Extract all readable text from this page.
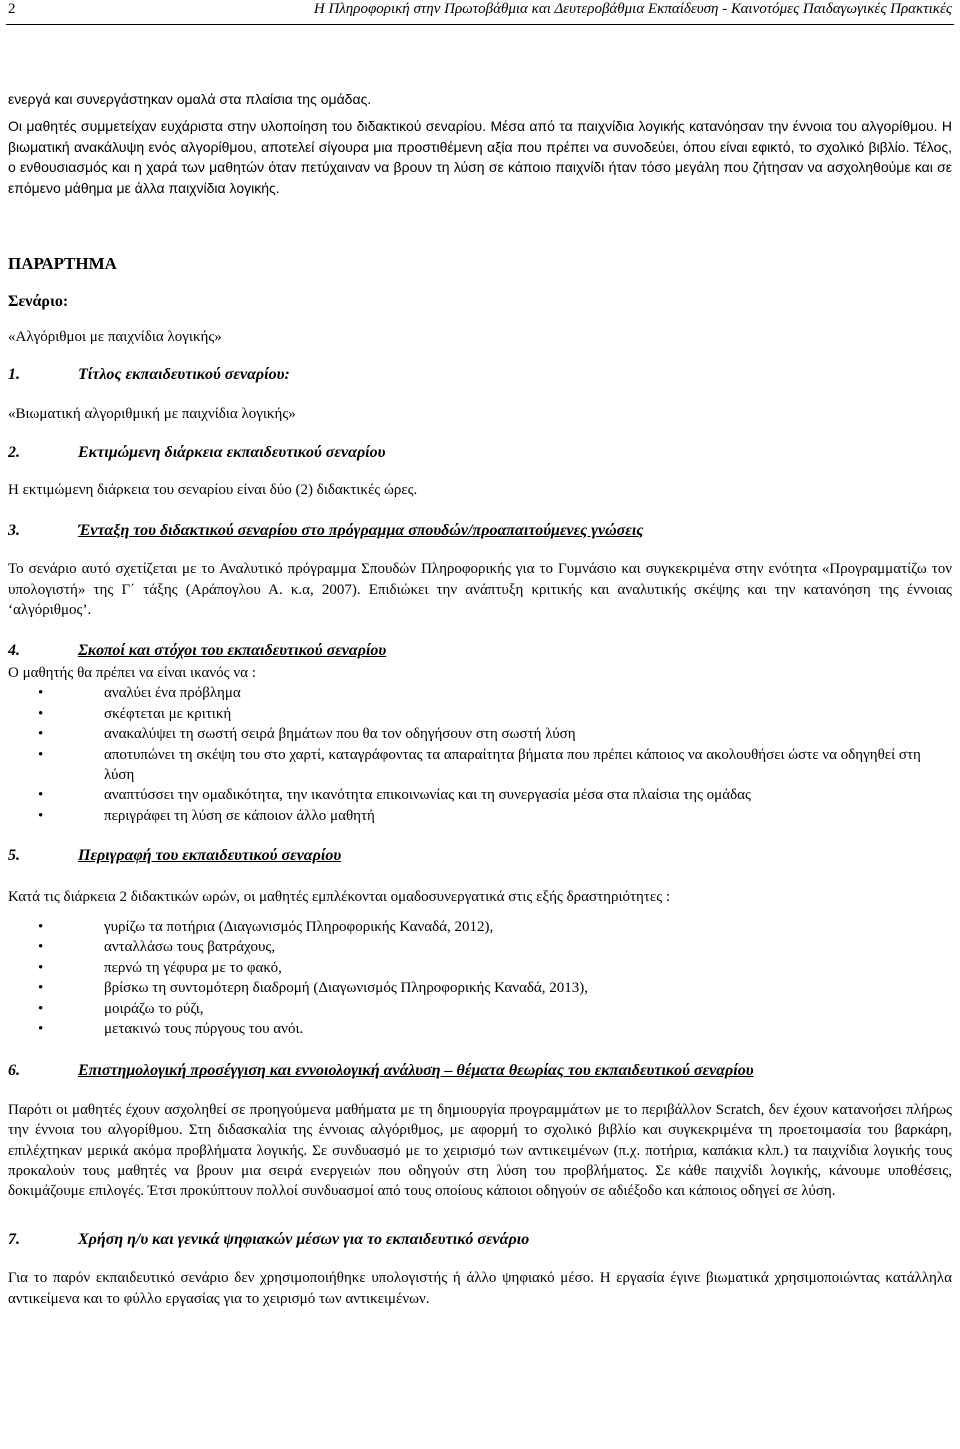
2	Η Πληροφορική στην Πρωτοβάθμια και Δευτεροβάθμια Εκπαίδευση - Καινοτόμες Παιδαγωγικές Πρακτικές

ενεργά και συνεργάστηκαν ομαλά στα πλαίσια της ομάδας.

Οι μαθητές συμμετείχαν ευχάριστα στην υλοποίηση του διδακτικού σεναρίου. Μέσα από τα παιχνίδια λογικής κατανόησαν την έννοια του αλγορίθμου. Η βιωματική ανακάλυψη ενός αλγορίθμου, αποτελεί σίγουρα μια προστιθέμενη αξία που πρέπει να συνοδεύει, όπου είναι εφικτό, το σχολικό βιβλίο. Τέλος, ο ενθουσιασμός και η χαρά των μαθητών όταν πετύχαιναν να βρουν τη λύση σε κάποιο παιχνίδι ήταν τόσο μεγάλη που ζήτησαν να ασχοληθούμε και σε επόμενο μάθημα με άλλα παιχνίδια λογικής.

ΠΑΡΑΡΤΗΜΑ
Σενάριο:

«Αλγόριθμοι με παιχνίδια λογικής»

1.	Τίτλος εκπαιδευτικού σεναρίου:

«Βιωματική αλγοριθμική με παιχνίδια λογικής»

2.	Εκτιμώμενη διάρκεια εκπαιδευτικού σεναρίου

Η εκτιμώμενη διάρκεια του σεναρίου είναι δύο (2) διδακτικές ώρες.

3.	Ένταξη του διδακτικού σεναρίου στο πρόγραμμα σπουδών/προαπαιτούμενες γνώσεις

Το σενάριο αυτό σχετίζεται με το Αναλυτικό πρόγραμμα Σπουδών Πληροφορικής για το Γυμνάσιο και συγκεκριμένα στην ενότητα «Προγραμματίζω τον υπολογιστή» της Γ΄ τάξης (Αράπογλου Α. κ.α, 2007). Επιδιώκει την ανάπτυξη κριτικής και αναλυτικής σκέψης και την κατανόηση της έννοιας ‘αλγόριθμος’.

4.	Σκοποί και στόχοι του εκπαιδευτικού σεναρίου

Ο μαθητής θα πρέπει να είναι ικανός να :

• αναλύει ένα πρόβλημα
• σκέφτεται με κριτική
• ανακαλύψει τη σωστή σειρά βημάτων που θα τον οδηγήσουν στη σωστή λύση
• αποτυπώνει τη σκέψη του στο χαρτί, καταγράφοντας τα απαραίτητα βήματα που πρέπει κάποιος να ακολουθήσει ώστε να οδηγηθεί στη λύση
• αναπτύσσει την ομαδικότητα, την ικανότητα επικοινωνίας και τη συνεργασία μέσα στα πλαίσια της ομάδας
• περιγράφει τη λύση σε κάποιον άλλο μαθητή
5.	Περιγραφή του εκπαιδευτικού σεναρίου

Κατά τις διάρκεια 2 διδακτικών ωρών, οι μαθητές εμπλέκονται ομαδοσυνεργατικά στις εξής δραστηριότητες :

• γυρίζω τα ποτήρια (Διαγωνισμός Πληροφορικής Καναδά, 2012),
• ανταλλάσω τους βατράχους,
• περνώ τη γέφυρα με το φακό,
• βρίσκω τη συντομότερη διαδρομή (Διαγωνισμός Πληροφορικής Καναδά, 2013),
• μοιράζω το ρύζι,
• μετακινώ τους πύργους του ανόι.
6.	Επιστημολογική προσέγγιση και εννοιολογική ανάλυση – θέματα θεωρίας του εκπαιδευτικού σεναρίου

Παρότι οι μαθητές έχουν ασχοληθεί σε προηγούμενα μαθήματα με τη δημιουργία προγραμμάτων με το περιβάλλον Scratch, δεν έχουν κατανοήσει πλήρως την έννοια του αλγορίθμου. Στη διδασκαλία της έννοιας αλγόριθμος, με αφορμή το σχολικό βιβλίο και συγκεκριμένα τη προετοιμασία του βαρκάρη, επιλέχτηκαν μερικά ακόμα προβλήματα λογικής. Σε συνδυασμό με το χειρισμό των αντικειμένων (π.χ. ποτήρια, καπάκια κλπ.) τα παιχνίδια λογικής τους προκαλούν τους μαθητές να βρουν μια σειρά ενεργειών που οδηγούν στη λύση του προβλήματος. Σε κάθε παιχνίδι λογικής, κάνουμε υποθέσεις, δοκιμάζουμε επιλογές. Έτσι προκύπτουν πολλοί συνδυασμοί από τους οποίους κάποιοι οδηγούν σε αδιέξοδο και κάποιος οδηγεί σε λύση.

7.	Χρήση η/υ και γενικά ψηφιακών μέσων για το εκπαιδευτικό σενάριο

Για το παρόν εκπαιδευτικό σενάριο δεν χρησιμοποιήθηκε υπολογιστής ή άλλο ψηφιακό μέσο. Η εργασία έγινε βιωματικά χρησιμοποιώντας κατάλληλα αντικείμενα και το φύλλο εργασίας για το χειρισμό των αντικειμένων.
